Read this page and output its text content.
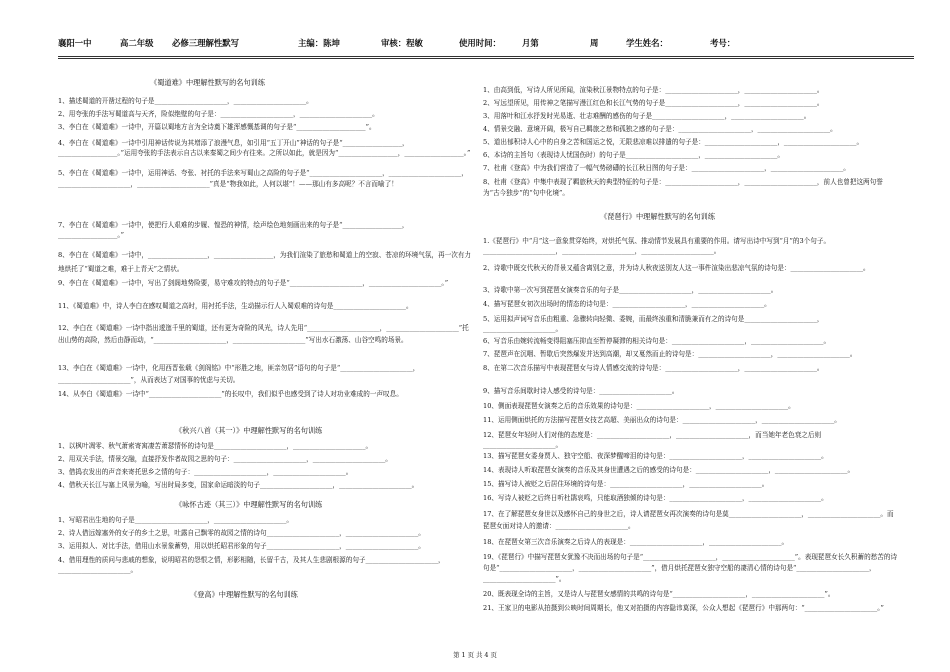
襄阳一中	高二年级 必修三理解性默写	主编：陈坤	审核：程敏	使用时间：	月第	周	学生姓名：	考号：
《蜀道难》中理解性默写的名句训练
1、描述蜀道的开凿过程的句子是______________________，______________________。
2、用夸张的手法写蜀道高与天齐，险似绝壁的句子是：______________________，______________________。
3、李白在《蜀道难》一诗中，开篇以蜀地方言为全诗奠下雄浑感慨基调的句子是“_____________________”。
4、李白在《蜀道难》一诗中引用神话传说为其增添了浪漫气息，如引用“五丁开山”神话的句子是“__________________，__________________。”运用夸张的手法表示自古以来秦蜀之间少有往来。之所以如此，就是因为“__________________，__________________。”
5、李白在《蜀道难》一诗中，运用神话、夸张、衬托的手法来写蜀山之高险的句子是“______________________，______________________，______________________，______________________”真是“物我如此，人何以堪”！——那山有多高呢？不言而喻了！
7、李白在《蜀道难》一诗中，使把行人艰难的步履、惶恐的神情，绘声绘色地刻画出来的句子是“__________________，__________________。”
8、李白在《蜀道难》一诗中，__________________，__________________，为我们渲染了旅愁和蜀道上的空寂、苍凉的环境气氛，再一次有力地烘托了“蜀道之难，难于上青天”之情状。
9、李白在《蜀道难》一诗中，写出了剑阁地势险要，易守难攻的特点的句子是“______________________，______________________。”
11、《蜀道难》中，诗人李白在感叹蜀道之高时，用衬托手法，生动描示行人入蜀艰难的诗句是______________________。
12、李白在《蜀道难》一诗中指出逶迤千里的蜀道，还有更为奇险的风光，诗人先用“______________________，______________________”托出山势的高险，然后由静而动，“______________________，______________________”写出水石激荡、山谷空鸣的场景。
13、李白在《蜀道难》一诗中，化用西晋张载《剑阁铭》中“形胜之地，匪亲勿居”语句的句子是“______________________，______________________”，从而表达了对国事的忧虑与关切。
14、从李白《蜀道难》一诗中“______________________”的长叹中，我们似乎也感受到了诗人对功业难成的一声叹息。
《秋兴八首（其一）》中理解性默写的名句训练
1、以枫叶凋零、秋气萧索寄寓凄苦萧瑟情怀的诗句是______________________，______________________。
2、用双关手法，情景交融，直接抒发作者故园之思的句子：______________________，______________________。
3、借捣衣发出的声音来寄托思乡之情的句子：______________________，______________________。
4、借秋天长江与塞上风景为喻，写出时局多变，国家命运暗淡的句子______________________，______________________。
《咏怀古迹（其三）》中理解性默写的名句训练
1、写昭君出生地的句子是______________________，______________________。
2、诗人借远嫁塞外的女子的乡土之思，吐露自己飘零的故园之情的诗句______________________，______________________。
3、运用拟人、对比手法，借用山水景象蓄势，用以烘托昭君形象的句子______________________，______________________。
4、借用理性的质问与悲戚的想象，说明昭君的怨恨之情，形影相随，长留千古，及其人生悲剧根源的句子______________________，______________________。
《登高》中理解性默写的名句训练
1、由高到低，写诗人所见所闻，渲染秋江景物特点的句子是：______________________，______________________。
2、写远望所见，用传神之笔描写漫江红色和长江气势的句子是______________________，______________________。
3、用落叶和江水抒发时光易逝、壮志难酬的感伤的句子是______________________，______________________。
4、情景交融、意境开阔，极写自己羁旅之愁和孤独之感的句子是：______________________，______________________。
5、道出郁积诗人心中的自身之苦和国运之悦，无限悲凉难以排遣的句子是：______________________，______________________。
6、本诗的主旨句（表现诗人忧国伤时）的句子是______________________，______________________。
7、杜甫《登高》中为我们营造了一幅气势磅礴的长江秋日图的句子是：______________________，______________________。
8、杜甫《登高》中集中表现了羁旅秋天的典型特征的句子是：______________________，______________________，前人也曾把这两句誉为“古今独步”的“句中化境”。
《琵琶行》中理解性默写的名句训练
1.《琵琶行》中“月”这一意象贯穿始终，对烘托气氛、推动情节发展具有重要的作用。请写出诗中写到“月”的3个句子。______________________，______________________，______________________。
2、诗歌中既交代秋天的背景又蕴含离别之意，并为诗人秋夜送别友人这一事件渲染出悲凉气氛的诗句是：______________________。
3、诗歌中第一次写到琵琶女演奏音乐的句子是______________________，______________________。
4、描写琵琶女初次出场时的情态的诗句是：______________________，______________________。
5、运用拟声词写音乐由粗重、急骤转向轻微、委婉，而最终浊重和清脆兼而有之的诗句是______________________，______________________。
6、写音乐由婉转流畅变得阻塞压抑直至暂停凝滞的相关诗句是：______________________，______________________。
7、琵琶声在沉咽、暂歇后突然爆发并达到高潮，却又戛然而止的诗句是：______________________，______________________。
8、在第二次音乐描写中表现琵琶女与诗人情感交流的诗句是：______________________，______________________。
9、描写音乐间歇时诗人感受的诗句是：______________________。
10、侧面表现琵琶女演奏之后的音乐效果的诗句是：______________________，______________________。
11、运用侧面烘托的方法描写琵琶女技艺高超、美丽出众的诗句是：______________________，______________________。
12、琵琶女年轻时人们对他的态度是：______________________，______________________，而当她年老色衰之后则______________________。
13、描写琵琶女委身贾人、独守空船、夜深梦醒啼泪的诗句是：______________________，______________________。
14、表现诗人听取琵琶女演奏的音乐及其身世遭遇之后的感受的诗句是：______________________，______________________。
15、描写诗人被贬之后居住环境的诗句是：______________________，______________________。
16、写诗人被贬之后终日听杜鹃哀鸣，只能取酒独倾的诗句是：______________________，______________________。
17、在了解琵琶女身世以及感怀自己的身世之后，诗人请琵琶女再次演奏的诗句是莫______________________，______________________。而琵琶女面对诗人的邀请：______________________。
18、在琵琶女第三次音乐演奏之后诗人的表现是：______________________，______________________。
19、《琵琶行》中描写琵琶女犹豫不决而出场的句子是“______________________，______________________”。表现琵琶女长久积蓄的愁苦的诗句是“______________________，______________________”，借月烘托琵琶女独守空船的凄清心情的诗句是“______________________，______________________”。
20、既表现全诗的主旨，又是诗人与琵琶女感情的共鸣的诗句是“______________________，______________________”。
21、王家卫的电影从拍摄到公映时间周期长，他又对拍摄的内容隐讳莫深，公众人想起《琵琶行》中那两句：“______________________。”
第 1 页 共 4 页
